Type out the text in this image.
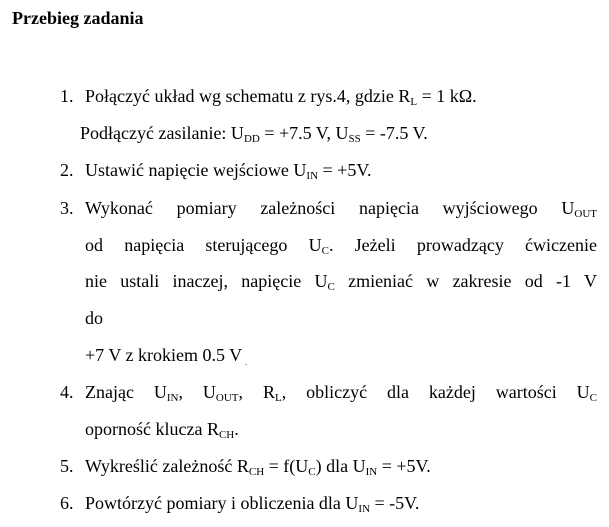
Przebieg zadania
1. Połączyć układ wg schematu z rys.4, gdzie $R_L = 1$ kΩ.
Podłączyć zasilanie: $U_{DD} = +7.5$ V, $U_{SS} = -7.5$ V.
2. Ustawić napięcie wejściowe $U_{IN} = +5V$.
3. Wykonać pomiary zależności napięcia wyjściowego $U_{OUT}$
od napięcia sterującego $U_C$. Jeżeli prowadzący ćwiczenie
nie ustali inaczej, napięcie $U_C$ zmieniać w zakresie od -1 V
do
+7 V z krokiem 0.5 V $_.$
4. Znając $U_{IN}$, $U_{OUT}$, $R_L$, obliczyć dla każdej wartości $U_C$
oporność klucza $R_{CH}$.
5. Wykreślić zależność $R_{CH} = f(U_C)$ dla $U_{IN} = +5V$.
6. Powtórzyć pomiary i obliczenia dla $U_{IN} = -5V$.
